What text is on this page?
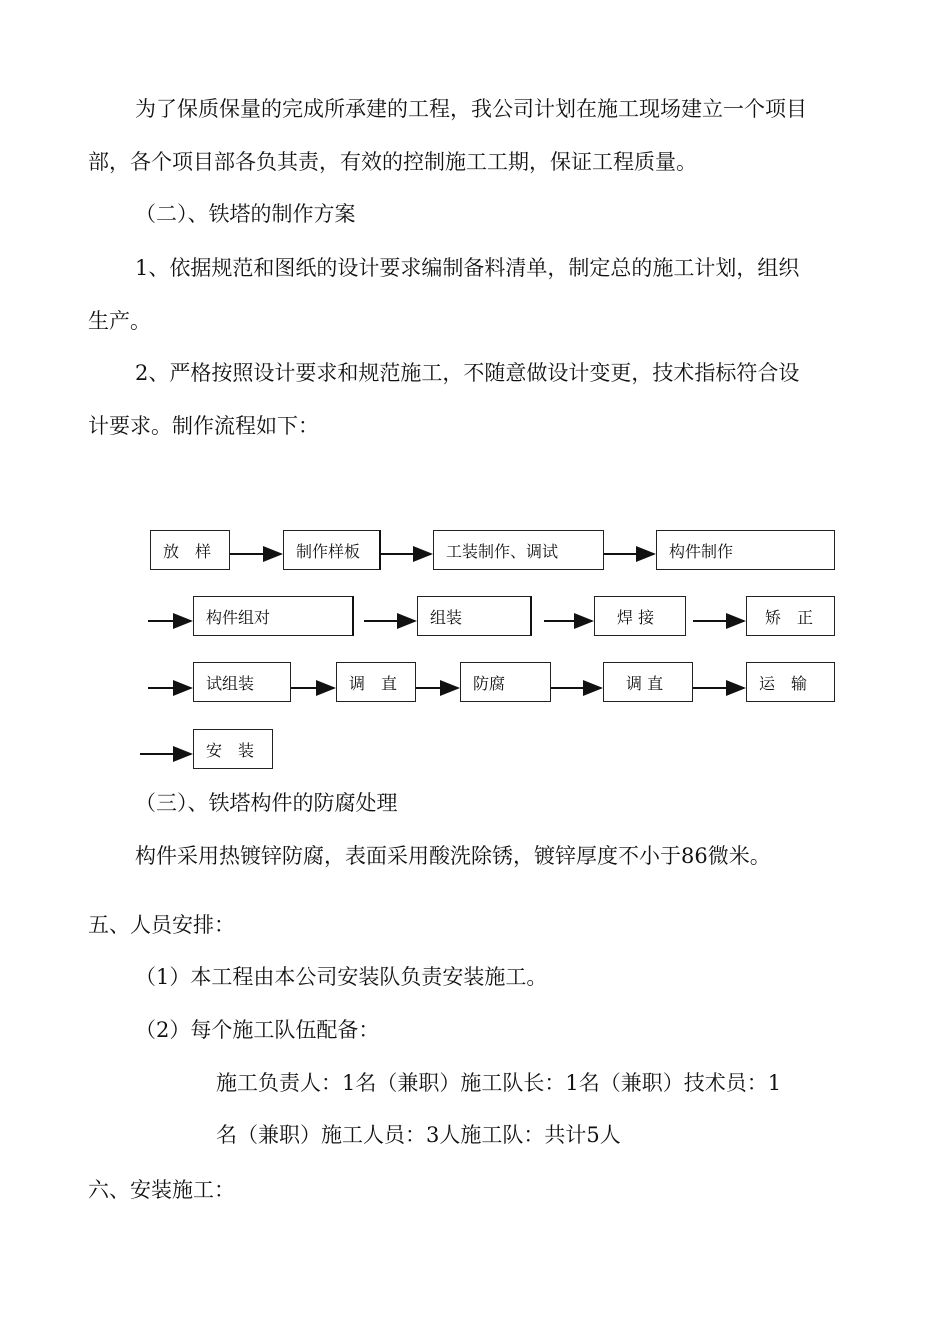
为了保质保量的完成所承建的工程，我公司计划在施工现场建立一个项目
部，各个项目部各负其责，有效的控制施工工期，保证工程质量。
（二）、铁塔的制作方案
1、依据规范和图纸的设计要求编制备料清单，制定总的施工计划，组织
生产。
2、严格按照设计要求和规范施工，不随意做设计变更，技术指标符合设
计要求。制作流程如下：
放　样	制作样板	工装制作、调试	构件制作
构件组对	组装	焊 接	矫　正
试组装	调　直	防腐	调 直	运　输
安　装
（三）、铁塔构件的防腐处理
构件采用热镀锌防腐，表面采用酸洗除锈，镀锌厚度不小于86微米。
五、人员安排：
（1）本工程由本公司安装队负责安装施工。
（2）每个施工队伍配备：
施工负责人：1名（兼职）施工队长：1名（兼职）技术员：1
名（兼职）施工人员：3人施工队：共计5人
六、安装施工：
